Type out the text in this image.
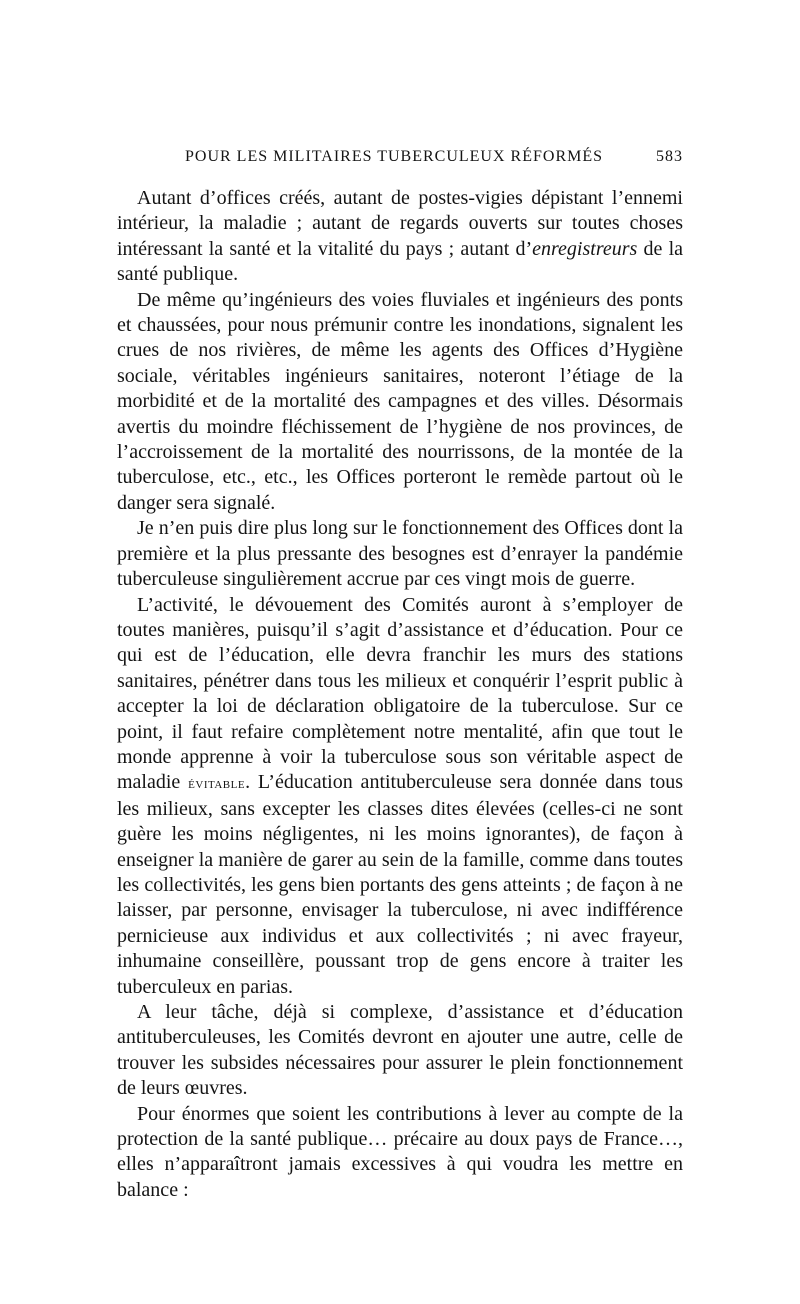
POUR LES MILITAIRES TUBERCULEUX RÉFORMÉS	583

Autant d’offices créés, autant de postes-vigies dépistant l’ennemi intérieur, la maladie ; autant de regards ouverts sur toutes choses intéressant la santé et la vitalité du pays ; autant d’enregistreurs de la santé publique.

De même qu’ingénieurs des voies fluviales et ingénieurs des ponts et chaussées, pour nous prémunir contre les inondations, signalent les crues de nos rivières, de même les agents des Offices d’Hygiène sociale, véritables ingénieurs sanitaires, noteront l’étiage de la morbidité et de la mortalité des campagnes et des villes. Désormais avertis du moindre fléchissement de l’hygiène de nos provinces, de l’accroissement de la mortalité des nourrissons, de la montée de la tuberculose, etc., etc., les Offices porteront le remède partout où le danger sera signalé.

Je n’en puis dire plus long sur le fonctionnement des Offices dont la première et la plus pressante des besognes est d’enrayer la pandémie tuberculeuse singulièrement accrue par ces vingt mois de guerre.

L’activité, le dévouement des Comités auront à s’employer de toutes manières, puisqu’il s’agit d’assistance et d’éducation. Pour ce qui est de l’éducation, elle devra franchir les murs des stations sanitaires, pénétrer dans tous les milieux et conquérir l’esprit public à accepter la loi de déclaration obligatoire de la tuberculose. Sur ce point, il faut refaire complètement notre mentalité, afin que tout le monde apprenne à voir la tuberculose sous son véritable aspect de maladie évitable. L’éducation antituberculeuse sera donnée dans tous les milieux, sans excepter les classes dites élevées (celles-ci ne sont guère les moins négligentes, ni les moins ignorantes), de façon à enseigner la manière de garer au sein de la famille, comme dans toutes les collectivités, les gens bien portants des gens atteints ; de façon à ne laisser, par personne, envisager la tuberculose, ni avec indifférence pernicieuse aux individus et aux collectivités ; ni avec frayeur, inhumaine conseillère, poussant trop de gens encore à traiter les tuberculeux en parias.

A leur tâche, déjà si complexe, d’assistance et d’éducation antituberculeuses, les Comités devront en ajouter une autre, celle de trouver les subsides nécessaires pour assurer le plein fonctionnement de leurs œuvres.

Pour énormes que soient les contributions à lever au compte de la protection de la santé publique… précaire au doux pays de France…, elles n’apparaîtront jamais excessives à qui voudra les mettre en balance :
